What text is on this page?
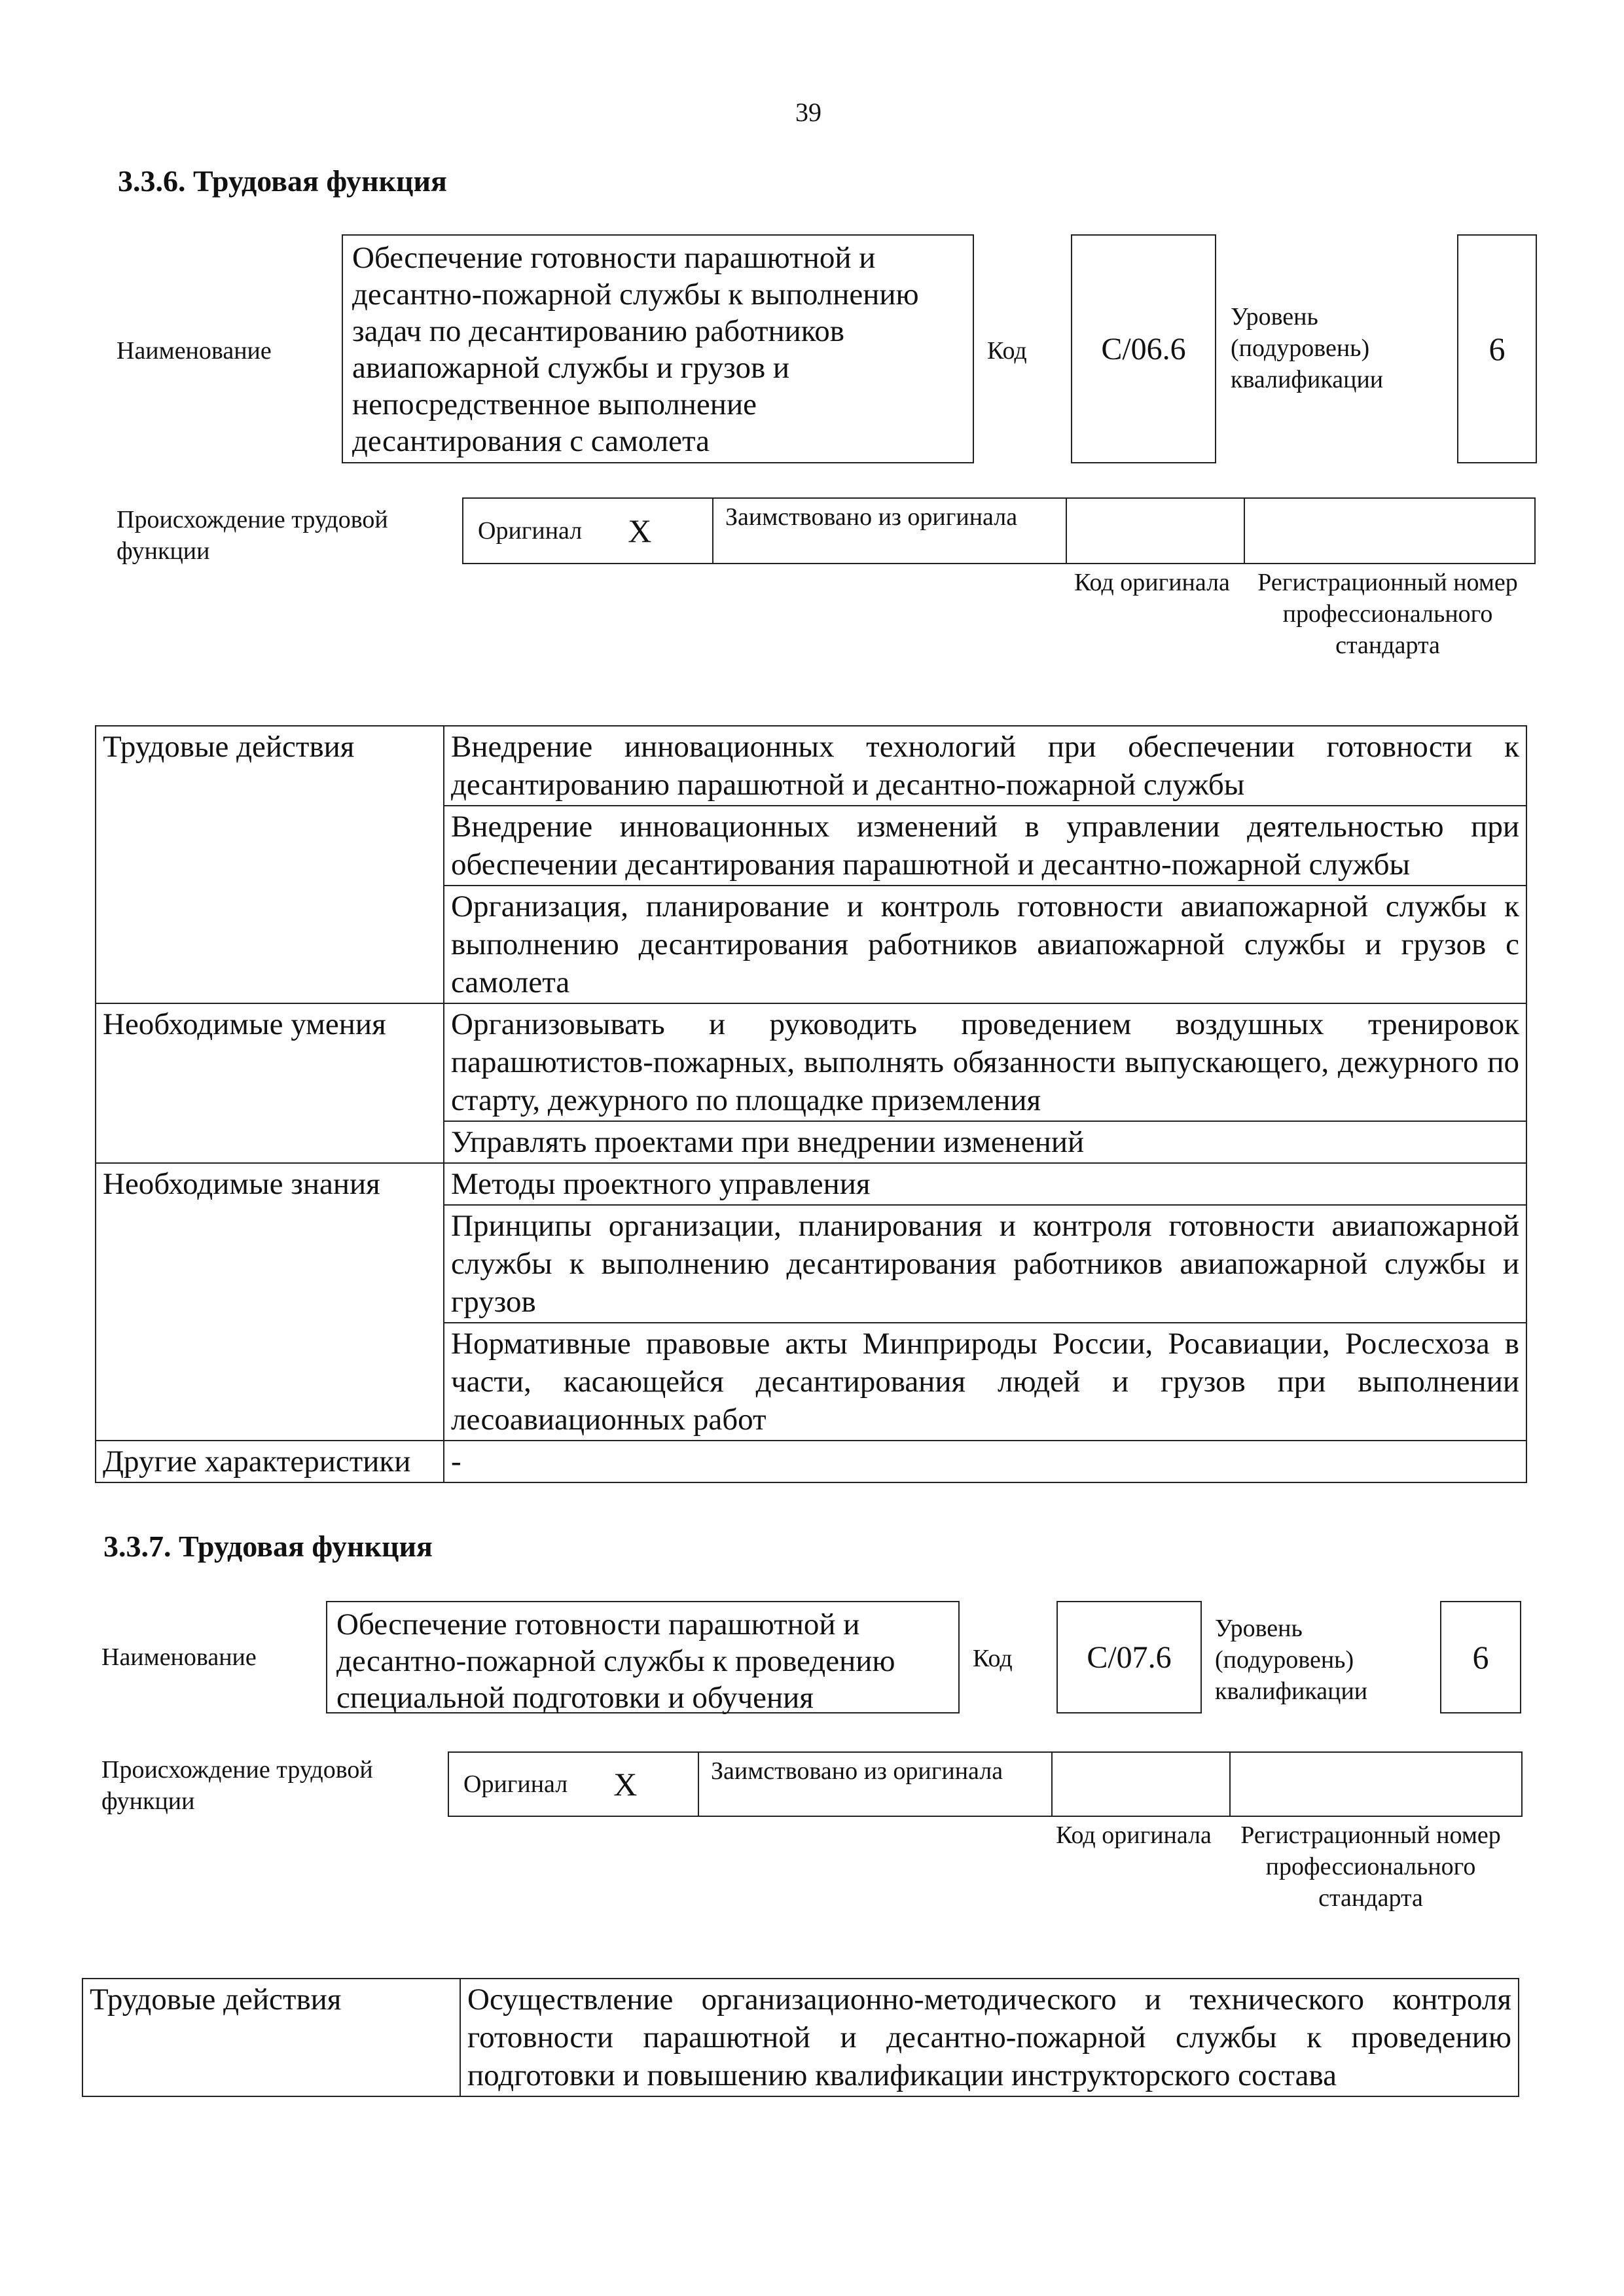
39
3.3.6. Трудовая функция
Наименование
Обеспечение готовности парашютной и десантно-пожарной службы к выполнению задач по десантированию работников авиапожарной службы и грузов и непосредственное выполнение десантирования с самолета
Код C/06.6
Уровень (подуровень) квалификации
6
Происхождение трудовой функции
Оригинал X	Заимствовано из оригинала
Код оригинала Регистрационный номер профессионального стандарта
Трудовые действия	Внедрение инновационных технологий при обеспечении готовности к десантированию парашютной и десантно-пожарной службы
	Внедрение инновационных изменений в управлении деятельностью при обеспечении десантирования парашютной и десантно-пожарной службы
	Организация, планирование и контроль готовности авиапожарной службы к выполнению десантирования работников авиапожарной службы и грузов с самолета
Необходимые умения	Организовывать и руководить проведением воздушных тренировок парашютистов-пожарных, выполнять обязанности выпускающего, дежурного по старту, дежурного по площадке приземления
	Управлять проектами при внедрении изменений
Необходимые знания	Методы проектного управления
	Принципы организации, планирования и контроля готовности авиапожарной службы к выполнению десантирования работников авиапожарной службы и грузов
	Нормативные правовые акты Минприроды России, Росавиации, Рослесхоза в части, касающейся десантирования людей и грузов при выполнении лесоавиационных работ
Другие характеристики	-
3.3.7. Трудовая функция
Наименование
Обеспечение готовности парашютной и десантно-пожарной службы к проведению специальной подготовки и обучения
Код C/07.6
Уровень (подуровень) квалификации
6
Происхождение трудовой функции
Оригинал X	Заимствовано из оригинала
Код оригинала Регистрационный номер профессионального стандарта
Трудовые действия	Осуществление организационно-методического и технического контроля готовности парашютной и десантно-пожарной службы к проведению подготовки и повышению квалификации инструкторского состава
